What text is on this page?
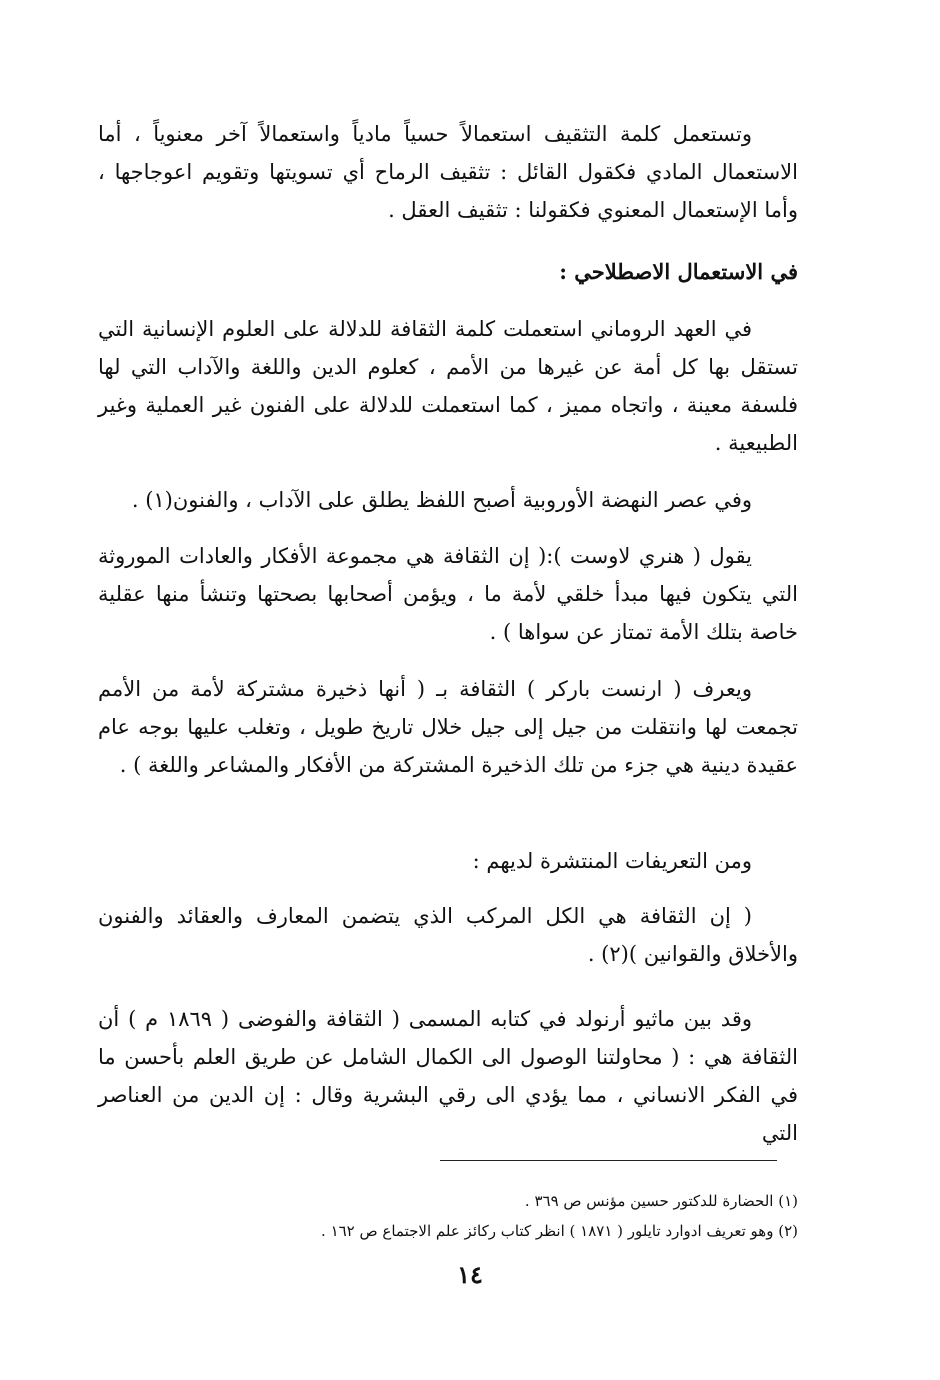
وتستعمل كلمة التثقيف استعمالاً حسياً مادياً واستعمالاً آخر معنوياً ، أما الاستعمال المادي فكقول القائل : تثقيف الرماح أي تسويتها وتقويم اعوجاجها ، وأما الإستعمال المعنوي فكقولنا : تثقيف العقل .

في الاستعمال الاصطلاحي :

في العهد الروماني استعملت كلمة الثقافة للدلالة على العلوم الإنسانية التي تستقل بها كل أمة عن غيرها من الأمم ، كعلوم الدين واللغة والآداب التي لها فلسفة معينة ، واتجاه مميز ، كما استعملت للدلالة على الفنون غير العملية وغير الطبيعية .

وفي عصر النهضة الأوروبية أصبح اللفظ يطلق على الآداب ، والفنون(١) .

يقول ( هنري لاوست ):( إن الثقافة هي مجموعة الأفكار والعادات الموروثة التي يتكون فيها مبدأ خلقي لأمة ما ، ويؤمن أصحابها بصحتها وتنشأ منها عقلية خاصة بتلك الأمة تمتاز عن سواها ) .

ويعرف ( ارنست باركر ) الثقافة بـ ( أنها ذخيرة مشتركة لأمة من الأمم تجمعت لها وانتقلت من جيل إلى جيل خلال تاريخ طويل ، وتغلب عليها بوجه عام عقيدة دينية هي جزء من تلك الذخيرة المشتركة من الأفكار والمشاعر واللغة ) .

ومن التعريفات المنتشرة لديهم :

( إن الثقافة هي الكل المركب الذي يتضمن المعارف والعقائد والفنون والأخلاق والقوانين )(٢) .

وقد بين ماثيو أرنولد في كتابه المسمى ( الثقافة والفوضى ( ١٨٦٩ م ) أن الثقافة هي : ( محاولتنا الوصول الى الكمال الشامل عن طريق العلم بأحسن ما في الفكر الانساني ، مما يؤدي الى رقي البشرية وقال : إن الدين من العناصر التي

(١) الحضارة للدكتور حسين مؤنس ص ٣٦٩ .

(٢) وهو تعريف ادوارد تايلور ( ١٨٧١ ) انظر كتاب ركائز علم الاجتماع ص ١٦٢ .

١٤
